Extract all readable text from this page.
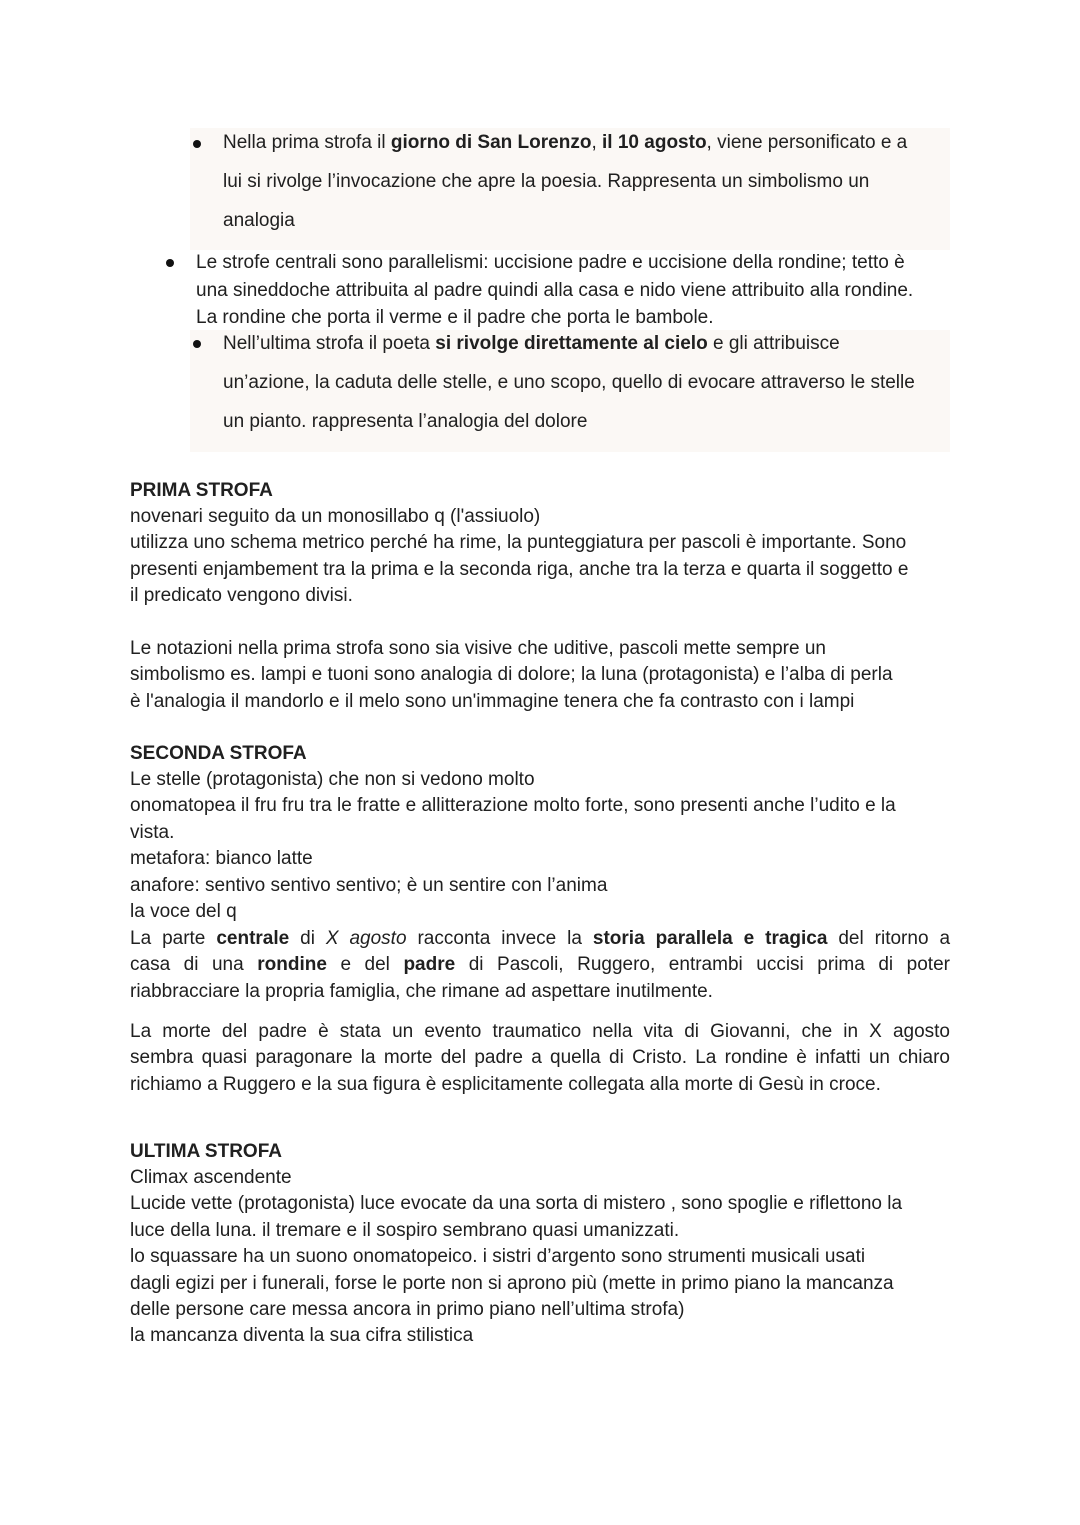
Nella prima strofa il giorno di San Lorenzo, il 10 agosto, viene personificato e a
lui si rivolge l’invocazione che apre la poesia. Rappresenta un simbolismo un
analogia
Le strofe centrali sono parallelismi: uccisione padre e uccisione della rondine; tetto è
una sineddoche attribuita al padre quindi alla casa e nido viene attribuito alla rondine.
La rondine che porta il verme e il padre che porta le bambole.
Nell’ultima strofa il poeta si rivolge direttamente al cielo e gli attribuisce
un’azione, la caduta delle stelle, e uno scopo, quello di evocare attraverso le stelle
un pianto. rappresenta l’analogia del dolore
PRIMA STROFA
novenari seguito da un monosillabo q (l'assiuolo)
utilizza uno schema metrico perché ha rime, la punteggiatura per pascoli è importante. Sono
presenti enjambement tra la prima e la seconda riga, anche tra la terza e quarta il soggetto e
il predicato vengono divisi.
Le notazioni nella prima strofa sono sia visive che uditive, pascoli mette sempre un
simbolismo es. lampi e tuoni sono analogia di dolore; la luna (protagonista) e l’alba di perla
è l'analogia il mandorlo e il melo sono un'immagine tenera che fa contrasto con i lampi
SECONDA STROFA
Le stelle (protagonista) che non si vedono molto
onomatopea il fru fru tra le fratte e allitterazione molto forte, sono presenti anche l’udito e la
vista.
metafora: bianco latte
anafore: sentivo sentivo sentivo; è un sentire con l’anima
la voce del q
La parte centrale di X agosto racconta invece la storia parallela e tragica del ritorno a
casa di una rondine e del padre di Pascoli, Ruggero, entrambi uccisi prima di poter
riabbracciare la propria famiglia, che rimane ad aspettare inutilmente.
La morte del padre è stata un evento traumatico nella vita di Giovanni, che in X agosto
sembra quasi paragonare la morte del padre a quella di Cristo. La rondine è infatti un chiaro
richiamo a Ruggero e la sua figura è esplicitamente collegata alla morte di Gesù in croce.
ULTIMA STROFA
Climax ascendente
Lucide vette (protagonista) luce evocate da una sorta di mistero , sono spoglie e riflettono la
luce della luna. il tremare e il sospiro sembrano quasi umanizzati.
lo squassare ha un suono onomatopeico. i sistri d’argento sono strumenti musicali usati
dagli egizi per i funerali, forse le porte non si aprono più (mette in primo piano la mancanza
delle persone care messa ancora in primo piano nell’ultima strofa)
la mancanza diventa la sua cifra stilistica
